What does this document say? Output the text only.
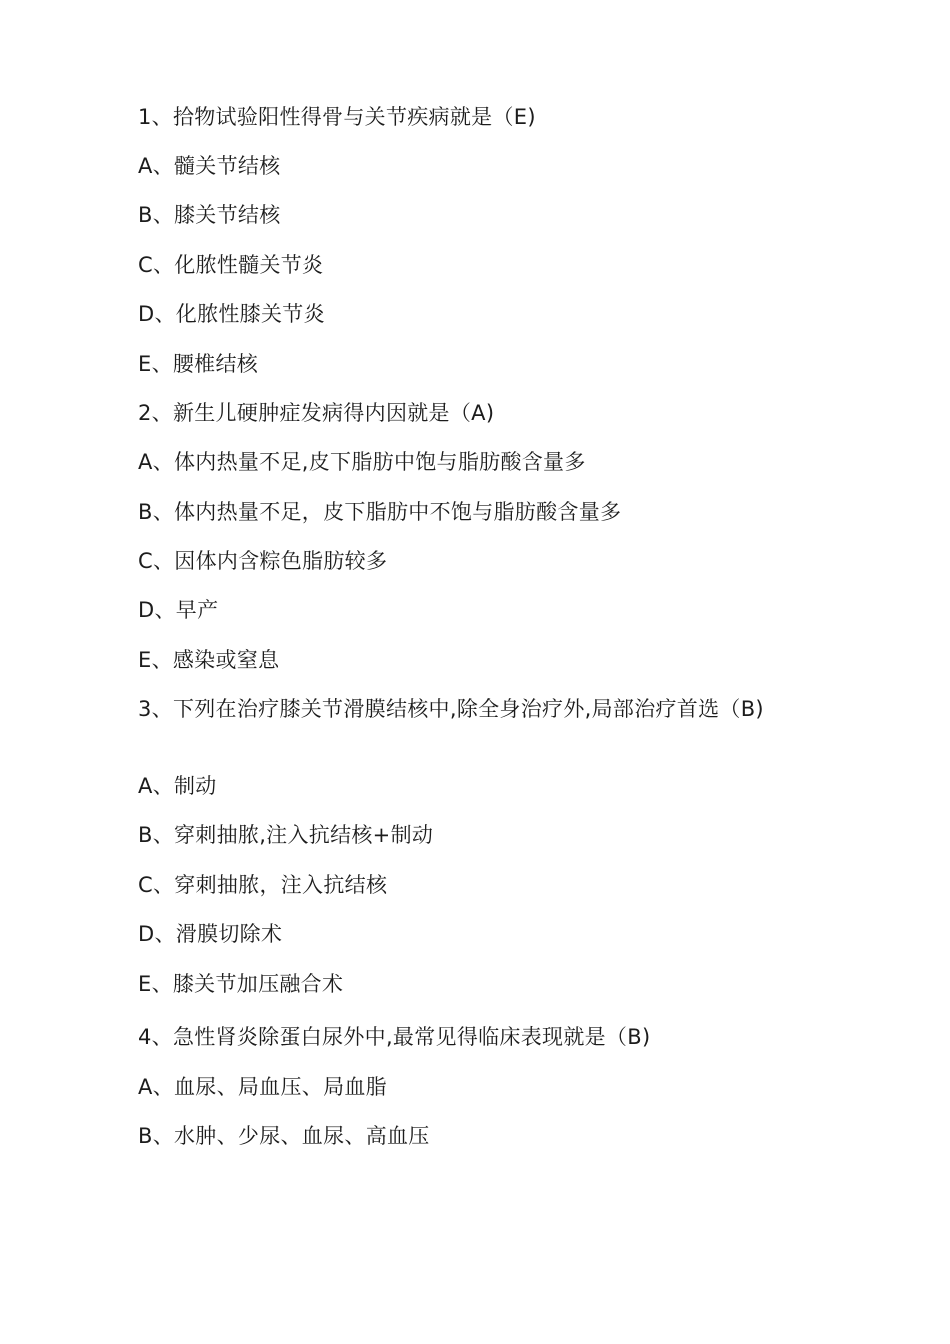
1、拾物试验阳性得骨与关节疾病就是（E)
A、髓关节结核
B、膝关节结核
C、化脓性髓关节炎
D、化脓性膝关节炎
E、腰椎结核
2、新生儿硬肿症发病得内因就是（A)
A、体内热量不足,皮下脂肪中饱与脂肪酸含量多
B、体内热量不足，皮下脂肪中不饱与脂肪酸含量多
C、因体内含粽色脂肪较多
D、早产
E、感染或窒息
3、下列在治疗膝关节滑膜结核中,除全身治疗外,局部治疗首选（B)
A、制动
B、穿刺抽脓,注入抗结核+制动
C、穿刺抽脓，注入抗结核
D、滑膜切除术
E、膝关节加压融合术
4、急性肾炎除蛋白尿外中,最常见得临床表现就是（B)
A、血尿、局血压、局血脂
B、水肿、少尿、血尿、高血压
